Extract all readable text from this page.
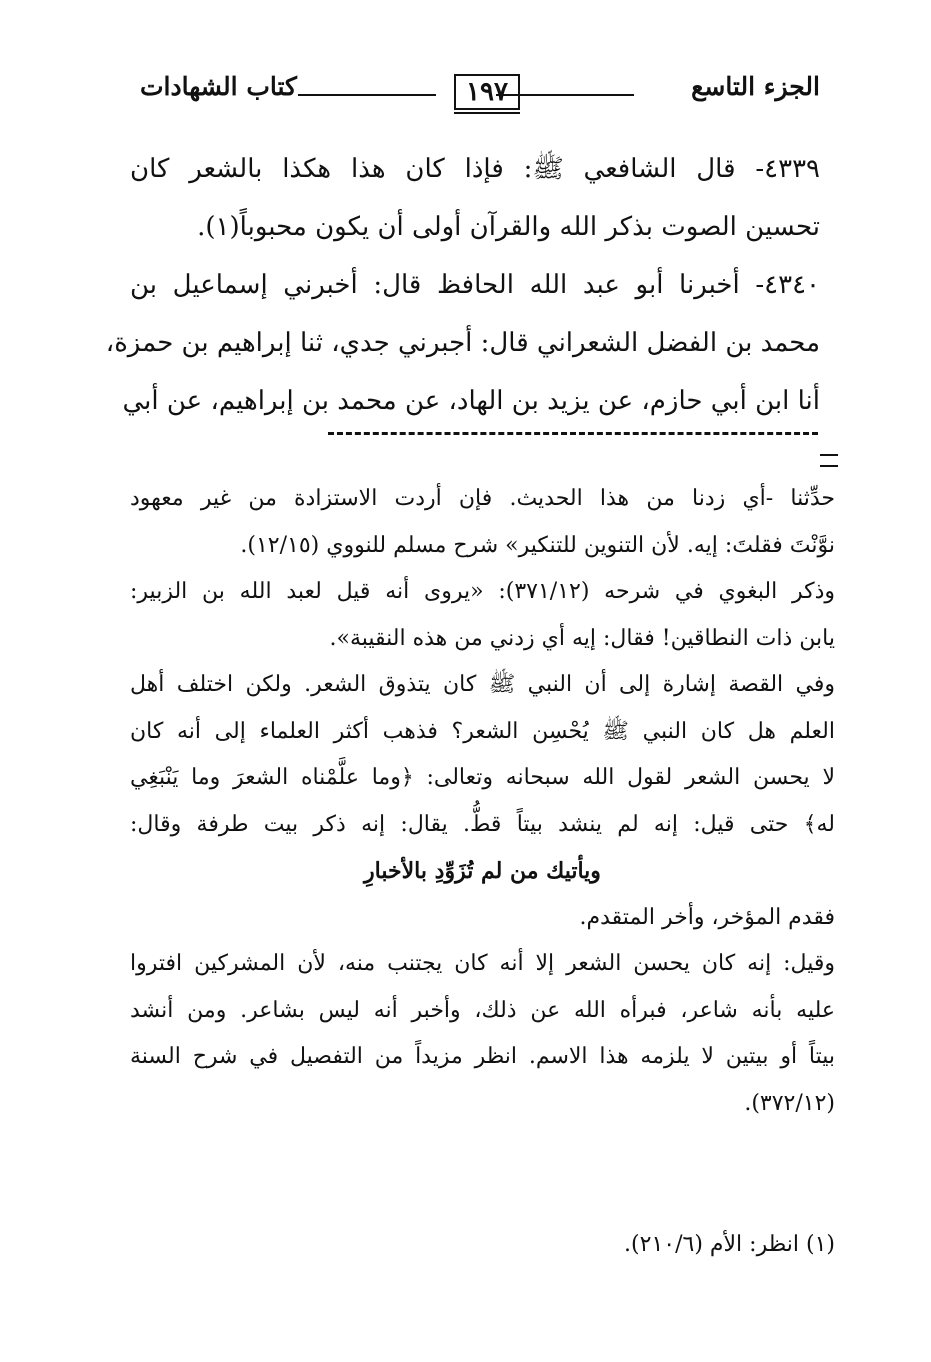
الجزء التاسع
١٩٧
كتاب الشهادات
٤٣٣٩- قال الشافعي ﷺ: فإذا كان هذا هكذا بالشعر كان
تحسين الصوت بذكر الله والقرآن أولى أن يكون محبوباً(١).
٤٣٤٠- أخبرنا أبو عبد الله الحافظ قال: أخبرني إسماعيل بن
محمد بن الفضل الشعراني قال: أجبرني جدي، ثنا إبراهيم بن حمزة،
أنا ابن أبي حازم، عن يزيد بن الهاد، عن محمد بن إبراهيم، عن أبي
حدِّثنا -أي زدنا من هذا الحديث. فإن أردت الاستزادة من غير معهود
نوَّنْتَ فقلتَ: إيه. لأن التنوين للتنكير» شرح مسلم للنووي (١٢/١٥).
وذكر البغوي في شرحه (٣٧١/١٢): «يروى أنه قيل لعبد الله بن الزبير:
يابن ذات النطاقين! فقال: إيه أي زدني من هذه النقيبة».
وفي القصة إشارة إلى أن النبي ﷺ كان يتذوق الشعر. ولكن اختلف أهل
العلم هل كان النبي ﷺ يُحْسِن الشعر؟ فذهب أكثر العلماء إلى أنه كان
لا يحسن الشعر لقول الله سبحانه وتعالى: ﴿وما علَّمْناه الشعرَ وما يَنْبَغِي
له﴾ حتى قيل: إنه لم ينشد بيتاً قطُّ. يقال: إنه ذكر بيت طرفة وقال:
ويأتيك من لم تُزَوِّدِ بالأخبارِ
فقدم المؤخر، وأخر المتقدم.
وقيل: إنه كان يحسن الشعر إلا أنه كان يجتنب منه، لأن المشركين افتروا
عليه بأنه شاعر، فبرأه الله عن ذلك، وأخبر أنه ليس بشاعر. ومن أنشد
بيتاً أو بيتين لا يلزمه هذا الاسم. انظر مزيداً من التفصيل في شرح السنة
(٣٧٢/١٢).
(١) انظر: الأم (٢١٠/٦).
